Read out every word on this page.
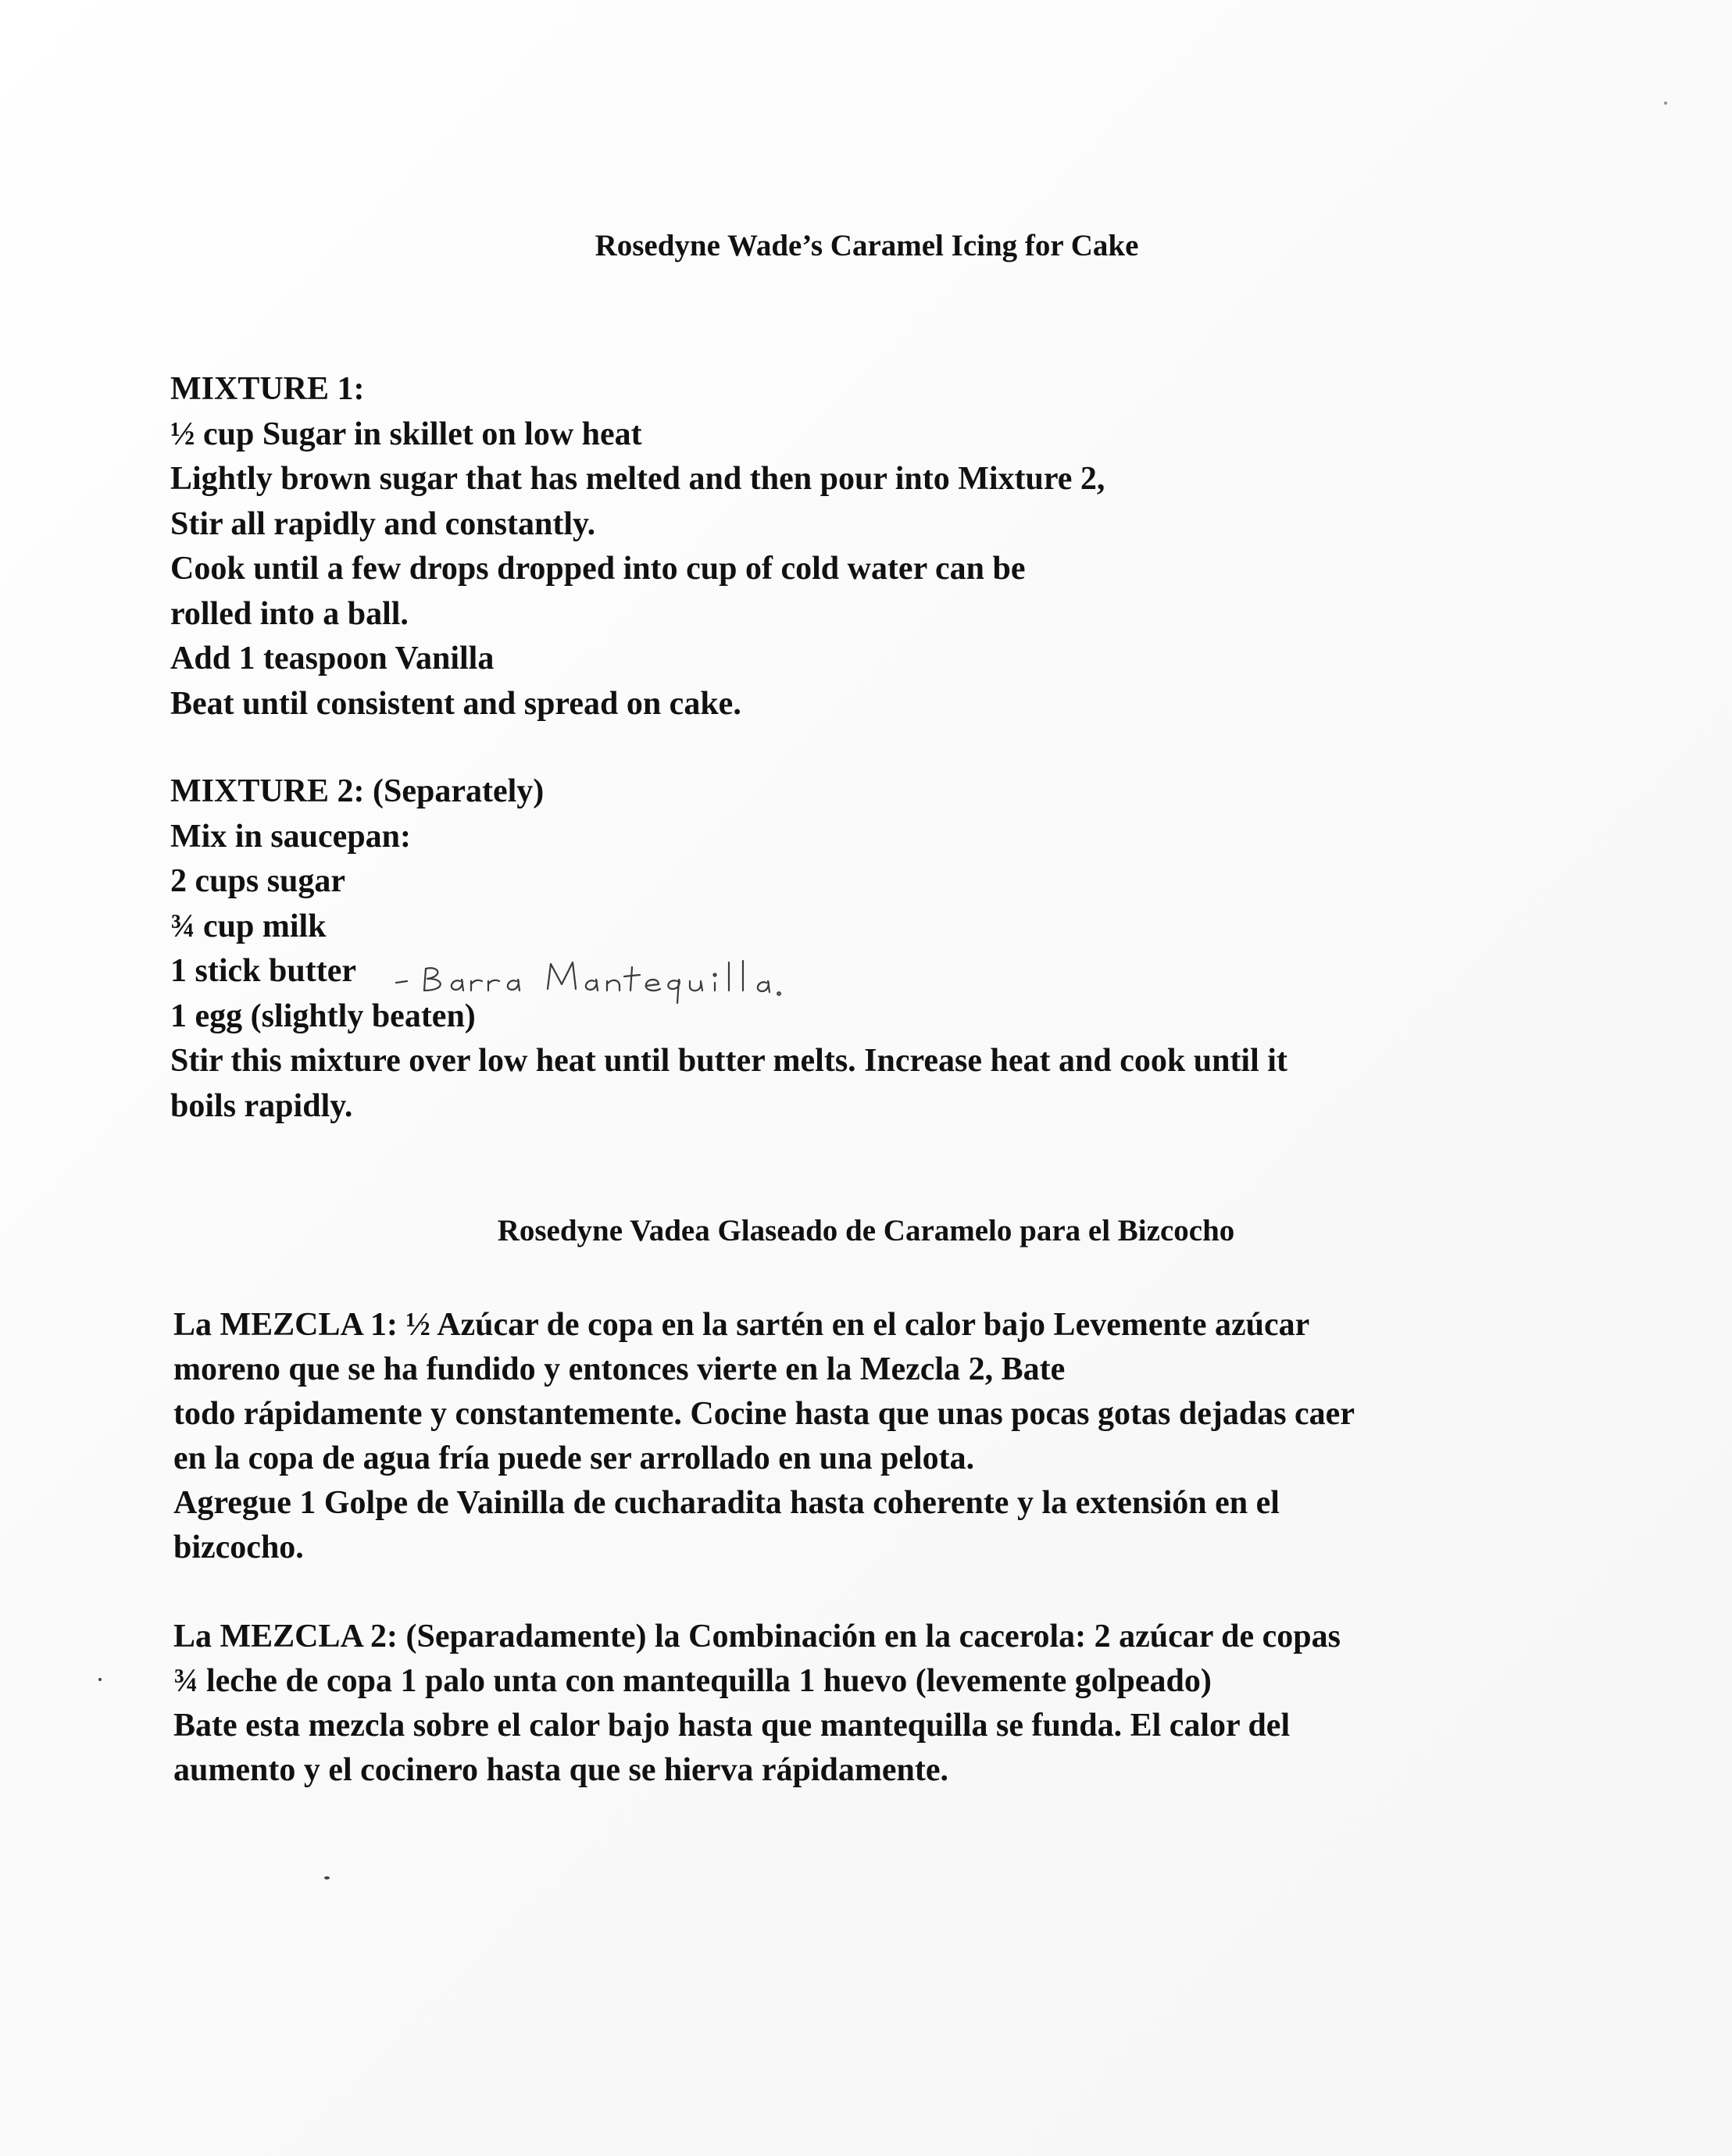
Rosedyne Wade’s Caramel Icing for Cake

MIXTURE 1:

½ cup Sugar in skillet on low heat

Lightly brown sugar that has melted and then pour into Mixture 2,

Stir all rapidly and constantly.

Cook until a few drops dropped into cup of cold water can be

rolled into a ball.

Add 1 teaspoon Vanilla

Beat until consistent and spread on cake.

MIXTURE 2: (Separately)

Mix in saucepan:

2 cups sugar

¾ cup milk

1 stick butter

1 egg (slightly beaten)

Stir this mixture over low heat until butter melts. Increase heat and cook until it

boils rapidly.

Rosedyne Vadea Glaseado de Caramelo para el Bizcocho

La MEZCLA 1: ½ Azúcar de copa en la sartén en el calor bajo Levemente azúcar

moreno que se ha fundido y entonces vierte en la Mezcla 2, Bate

todo rápidamente y constantemente. Cocine hasta que unas pocas gotas dejadas caer

en la copa de agua fría puede ser arrollado en una pelota.

Agregue 1 Golpe de Vainilla de cucharadita hasta coherente y la extensión en el

bizcocho.

La MEZCLA 2: (Separadamente) la Combinación en la cacerola: 2 azúcar de copas

¾ leche de copa 1 palo unta con mantequilla 1 huevo (levemente golpeado)

Bate esta mezcla sobre el calor bajo hasta que mantequilla se funda. El calor del

aumento y el cocinero hasta que se hierva rápidamente.
